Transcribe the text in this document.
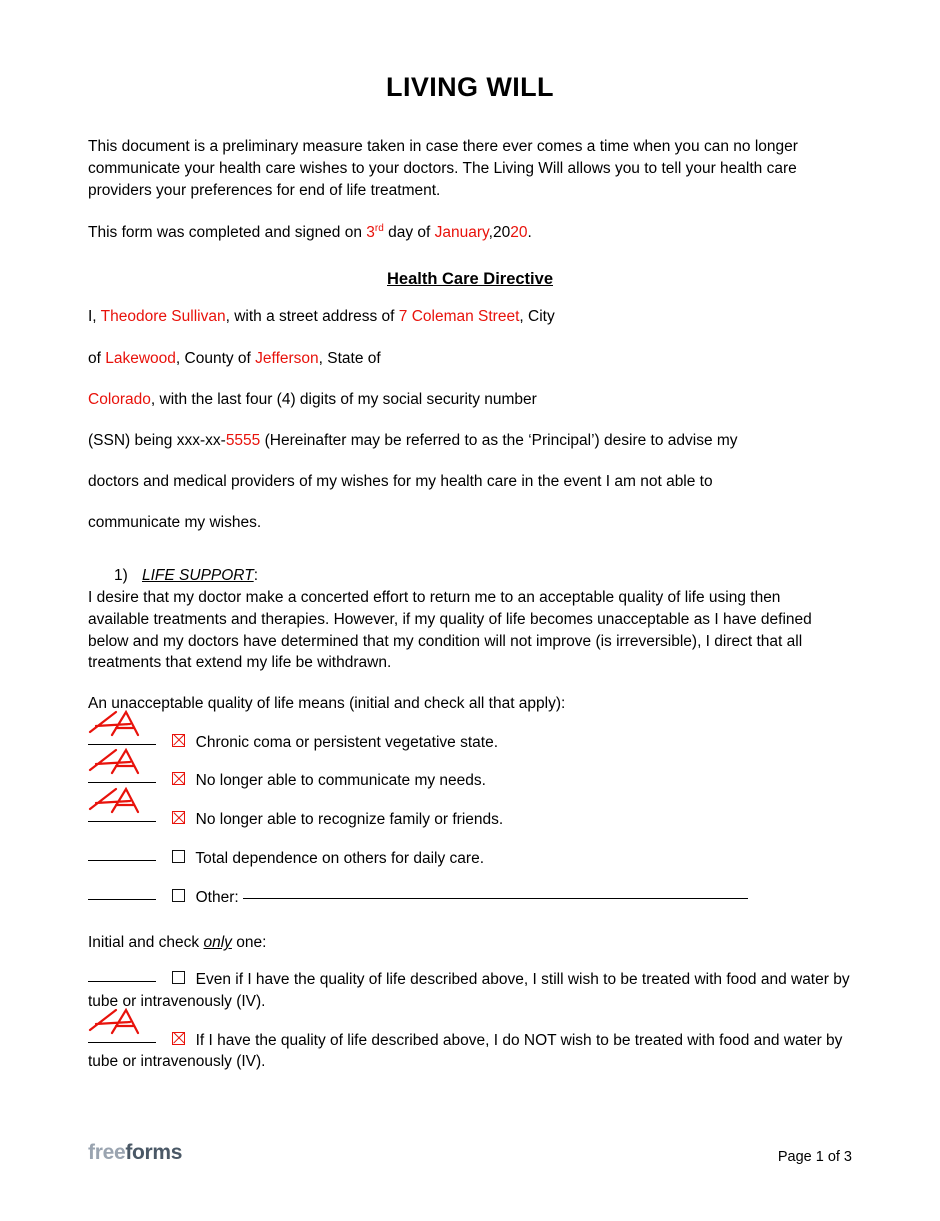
LIVING WILL
This document is a preliminary measure taken in case there ever comes a time when you can no longer communicate your health care wishes to your doctors. The Living Will allows you to tell your health care providers your preferences for end of life treatment.
This form was completed and signed on 3rd day of January,2020.
Health Care Directive

I, Theodore Sullivan, with a street address of 7 Coleman Street, City

of Lakewood, County of Jefferson, State of

Colorado, with the last four (4) digits of my social security number

(SSN) being xxx-xx-5555 (Hereinafter may be referred to as the ‘Principal’) desire to advise my

doctors and medical providers of my wishes for my health care in the event I am not able to

communicate my wishes.

1) LIFE SUPPORT:
I desire that my doctor make a concerted effort to return me to an acceptable quality of life using then available treatments and therapies. However, if my quality of life becomes unacceptable as I have defined below and my doctors have determined that my condition will not improve (is irreversible), I direct that all treatments that extend my life be withdrawn.
An unacceptable quality of life means (initial and check all that apply):
Chronic coma or persistent vegetative state.
No longer able to communicate my needs.
No longer able to recognize family or friends.
Total dependence on others for daily care.
Other:
Initial and check only one:
Even if I have the quality of life described above, I still wish to be treated with food and water by tube or intravenously (IV).
If I have the quality of life described above, I do NOT wish to be treated with food and water by tube or intravenously (IV).
freeforms	Page 1 of 3
